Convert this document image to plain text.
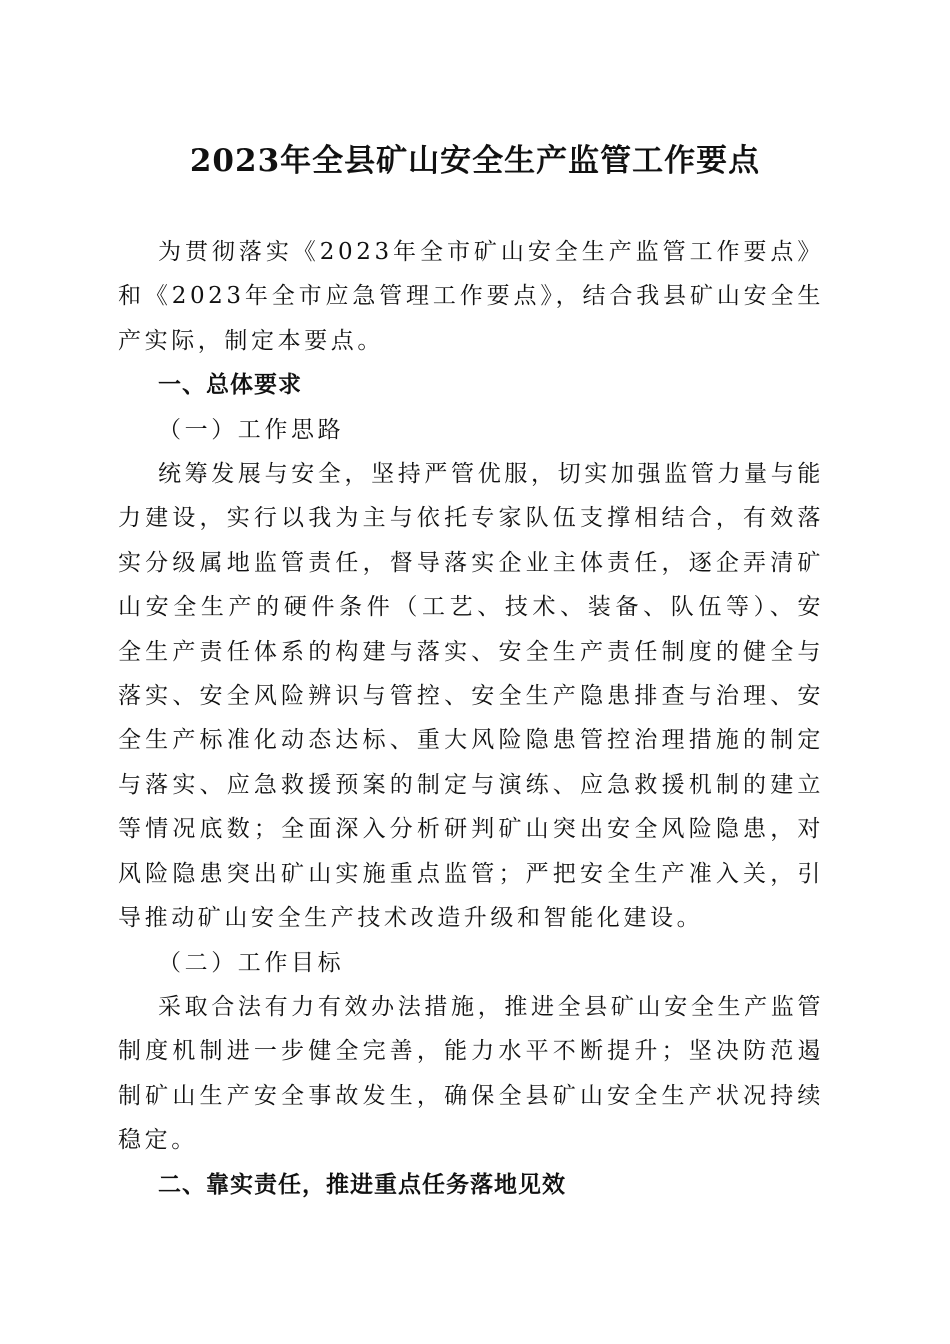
2023年全县矿山安全生产监管工作要点

为贯彻落实《2023年全市矿山安全生产监管工作要点》和《2023年全市应急管理工作要点》，结合我县矿山安全生产实际，制定本要点。

一、总体要求

（一）工作思路

统筹发展与安全，坚持严管优服，切实加强监管力量与能力建设，实行以我为主与依托专家队伍支撑相结合，有效落实分级属地监管责任，督导落实企业主体责任，逐企弄清矿山安全生产的硬件条件（工艺、技术、装备、队伍等）、安全生产责任体系的构建与落实、安全生产责任制度的健全与落实、安全风险辨识与管控、安全生产隐患排查与治理、安全生产标准化动态达标、重大风险隐患管控治理措施的制定与落实、应急救援预案的制定与演练、应急救援机制的建立等情况底数；全面深入分析研判矿山突出安全风险隐患，对风险隐患突出矿山实施重点监管；严把安全生产准入关，引导推动矿山安全生产技术改造升级和智能化建设。

（二）工作目标

采取合法有力有效办法措施，推进全县矿山安全生产监管制度机制进一步健全完善，能力水平不断提升；坚决防范遏制矿山生产安全事故发生，确保全县矿山安全生产状况持续稳定。

二、靠实责任，推进重点任务落地见效
